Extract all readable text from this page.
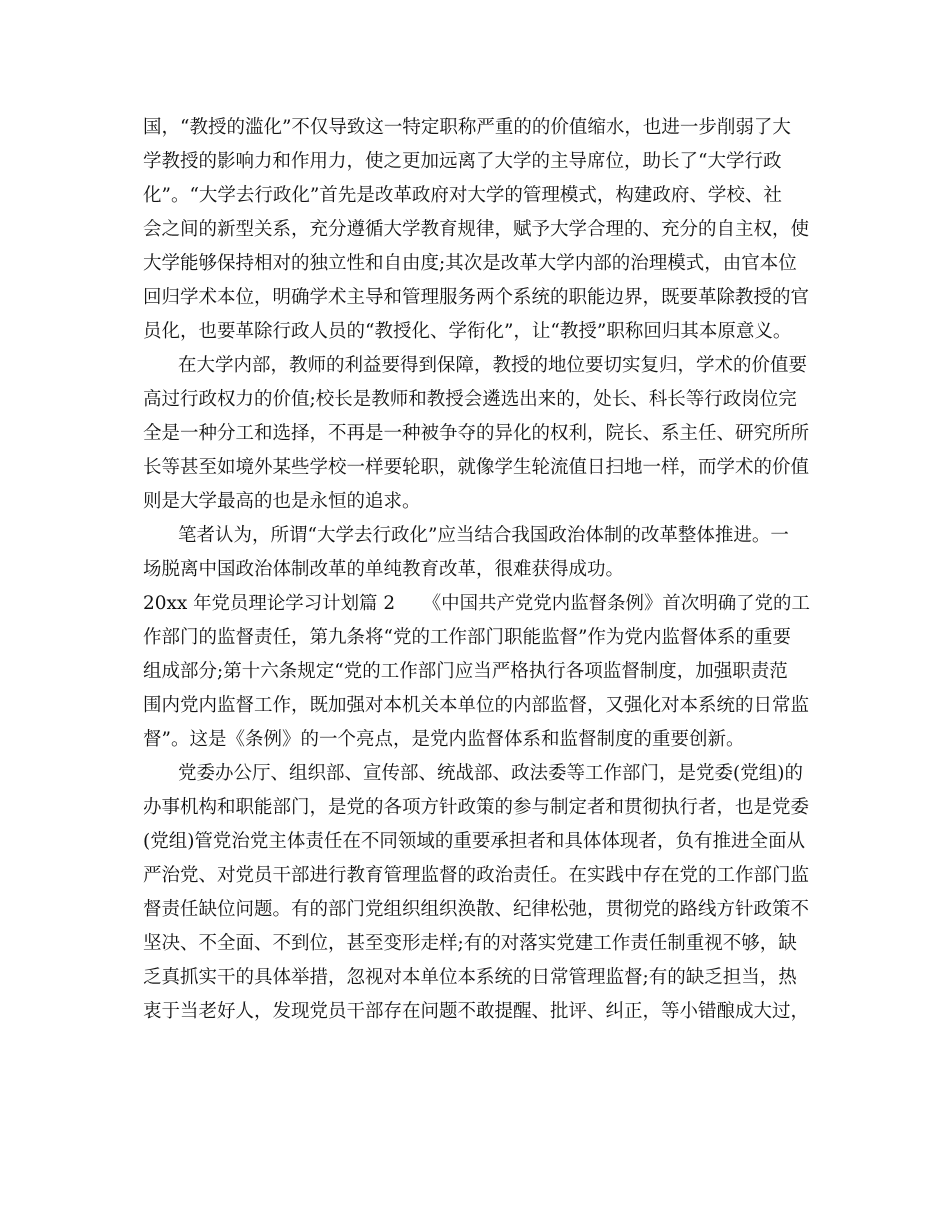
国，“教授的滥化”不仅导致这一特定职称严重的的价值缩水，也进一步削弱了大
学教授的影响力和作用力，使之更加远离了大学的主导席位，助长了“大学行政
化”。“大学去行政化”首先是改革政府对大学的管理模式，构建政府、学校、社
会之间的新型关系，充分遵循大学教育规律，赋予大学合理的、充分的自主权，使
大学能够保持相对的独立性和自由度;其次是改革大学内部的治理模式，由官本位
回归学术本位，明确学术主导和管理服务两个系统的职能边界，既要革除教授的官
员化，也要革除行政人员的“教授化、学衔化”，让“教授”职称回归其本原意义。
在大学内部，教师的利益要得到保障，教授的地位要切实复归，学术的价值要
高过行政权力的价值;校长是教师和教授会遴选出来的，处长、科长等行政岗位完
全是一种分工和选择，不再是一种被争夺的异化的权利，院长、系主任、研究所所
长等甚至如境外某些学校一样要轮职，就像学生轮流值日扫地一样，而学术的价值
则是大学最高的也是永恒的追求。
笔者认为，所谓“大学去行政化”应当结合我国政治体制的改革整体推进。一
场脱离中国政治体制改革的单纯教育改革，很难获得成功。
20xx 年党员理论学习计划篇 2　　《中国共产党党内监督条例》首次明确了党的工
作部门的监督责任，第九条将“党的工作部门职能监督”作为党内监督体系的重要
组成部分;第十六条规定“党的工作部门应当严格执行各项监督制度，加强职责范
围内党内监督工作，既加强对本机关本单位的内部监督，又强化对本系统的日常监
督”。这是《条例》的一个亮点，是党内监督体系和监督制度的重要创新。
党委办公厅、组织部、宣传部、统战部、政法委等工作部门，是党委(党组)的
办事机构和职能部门，是党的各项方针政策的参与制定者和贯彻执行者，也是党委
(党组)管党治党主体责任在不同领域的重要承担者和具体体现者，负有推进全面从
严治党、对党员干部进行教育管理监督的政治责任。在实践中存在党的工作部门监
督责任缺位问题。有的部门党组织组织涣散、纪律松弛，贯彻党的路线方针政策不
坚决、不全面、不到位，甚至变形走样;有的对落实党建工作责任制重视不够，缺
乏真抓实干的具体举措，忽视对本单位本系统的日常管理监督;有的缺乏担当，热
衷于当老好人，发现党员干部存在问题不敢提醒、批评、纠正，等小错酿成大过，
